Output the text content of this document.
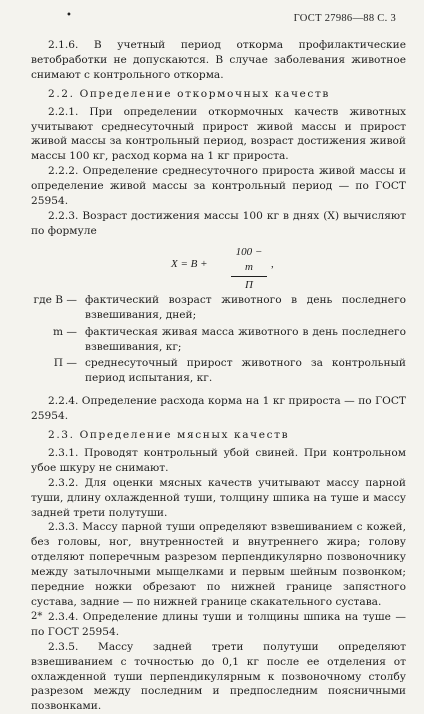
•	ГОСТ 27986—88 С. 3

2.1.6. В учетный период откорма профилактические ветобработки не допускаются. В случае заболевания животное снимают с контрольного откорма.

2.2. Определение откормочных качеств

2.2.1. При определении откормочных качеств животных учитывают среднесуточный прирост живой массы и прирост живой массы за контрольный период, возраст достижения живой массы 100 кг, расход корма на 1 кг прироста.

2.2.2. Определение среднесуточного прироста живой массы и определение живой массы за контрольный период — по ГОСТ 25954.

2.2.3. Возраст достижения массы 100 кг в днях (X) вычисляют по формуле

X = B +
100 − m
П
,
где B — фактический возраст животного в день последнего взвешивания, дней;
m — фактическая живая масса животного в день последнего взвешивания, кг;
П — среднесуточный прирост животного за контрольный период испытания, кг.

2.2.4. Определение расхода корма на 1 кг прироста — по ГОСТ 25954.

2.3. Определение мясных качеств

2.3.1. Проводят контрольный убой свиней. При контрольном убое шкуру не снимают.

2.3.2. Для оценки мясных качеств учитывают массу парной туши, длину охлажденной туши, толщину шпика на туше и массу задней трети полутуши.

2.3.3. Массу парной туши определяют взвешиванием с кожей, без головы, ног, внутренностей и внутреннего жира; голову отделяют поперечным разрезом перпендикулярно позвоночнику между затылочными мыщелками и первым шейным позвонком; передние ножки обрезают по нижней границе запястного сустава, задние — по нижней границе скакательного сустава.

2.3.4. Определение длины туши и толщины шпика на туше — по ГОСТ 25954.

2.3.5. Массу задней трети полутуши определяют взвешиванием с точностью до 0,1 кг после ее отделения от охлажденной туши перпендикулярным к позвоночному столбу разрезом между последним и предпоследним поясничными позвонками.

2*
